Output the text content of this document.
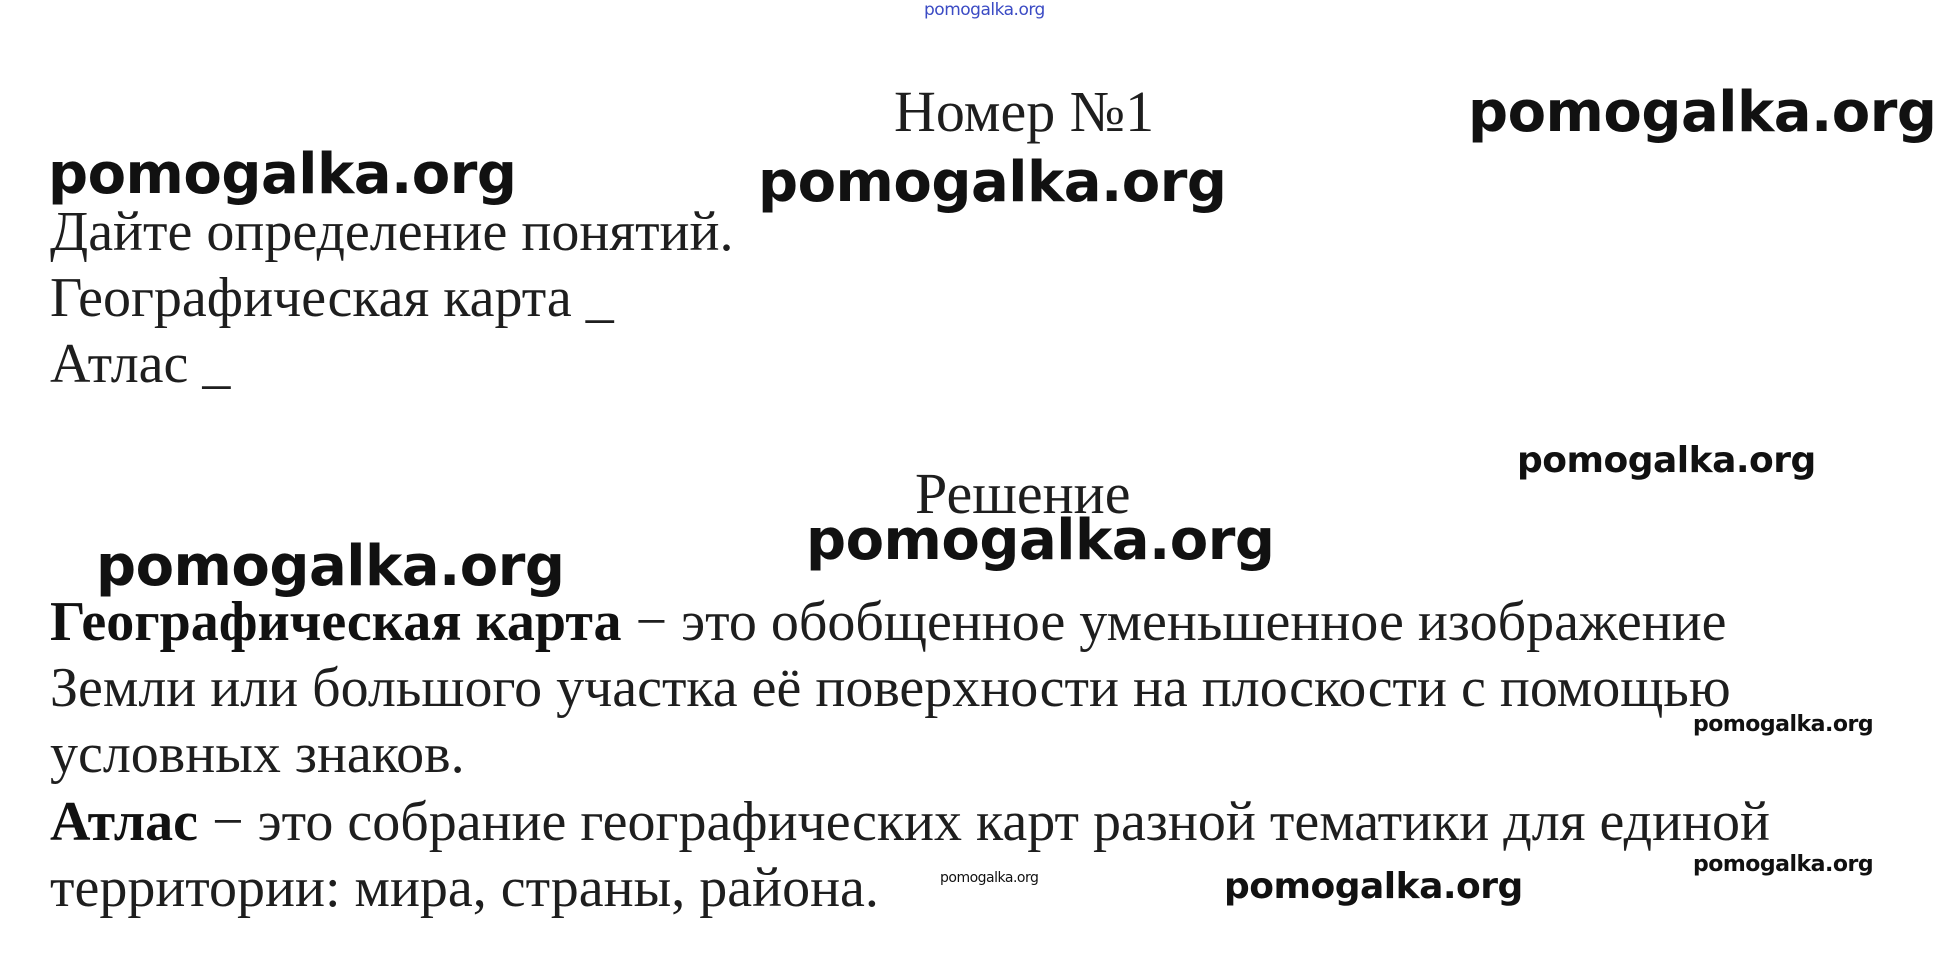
pomogalka.org
Номер №1	pomogalka.org
pomogalka.org	pomogalka.org
Дайте определение понятий.
Географическая карта _
Атлас _
pomogalka.org
Решение
pomogalka.org
pomogalka.org
Географическая карта − это обобщенное уменьшенное изображение
Земли или большого участка её поверхности на плоскости с помощью
pomogalka.org
условных знаков.
Атлас − это собрание географических карт разной тематики для единой
pomogalka.org
территории: мира, страны, района.	pomogalka.org	pomogalka.org
